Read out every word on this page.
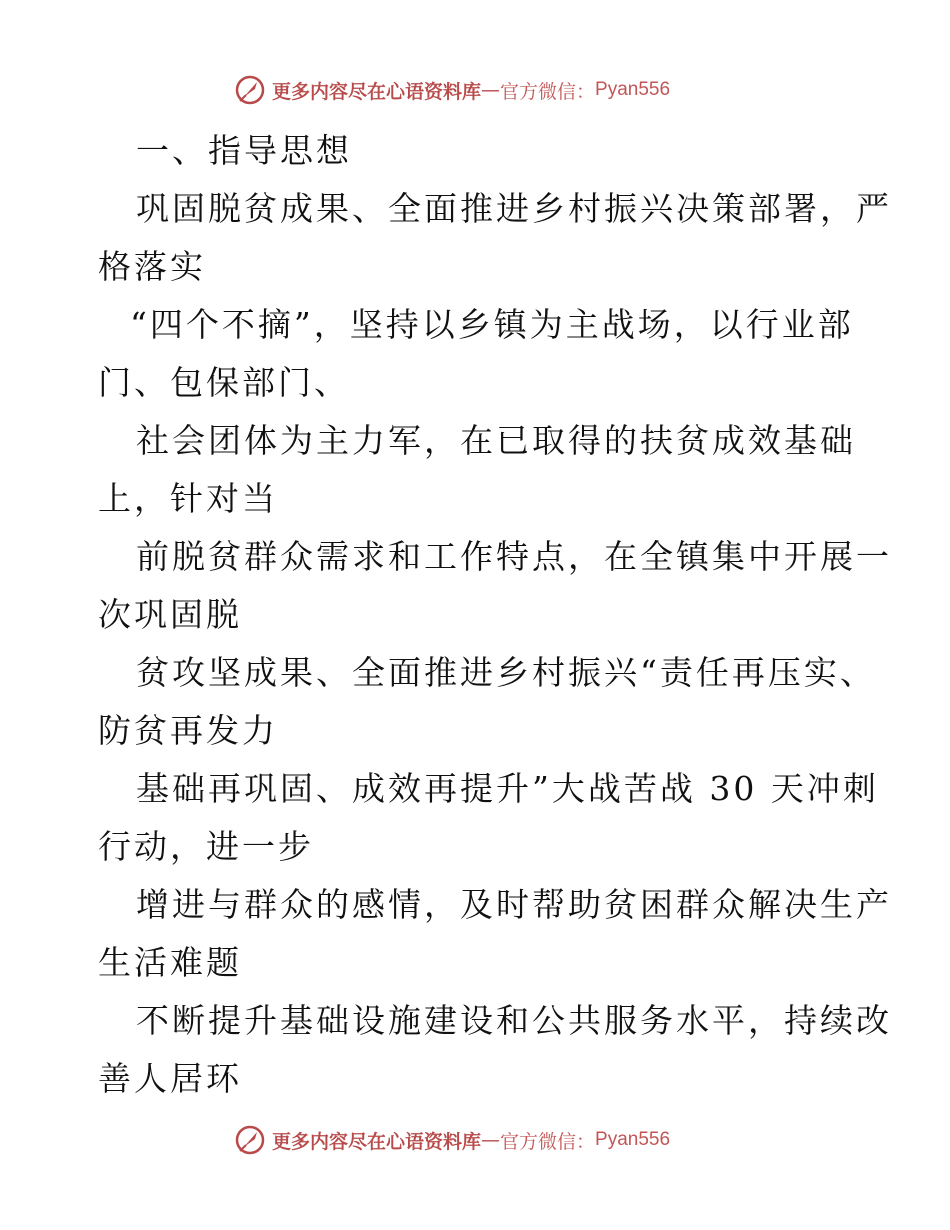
更多内容尽在心语资料库 — 官方微信： Pyan556
一、指导思想
巩固脱贫成果、全面推进乡村振兴决策部署，严
格落实
“四个不摘”，坚持以乡镇为主战场，以行业部
门、包保部门、
社会团体为主力军，在已取得的扶贫成效基础
上，针对当
前脱贫群众需求和工作特点，在全镇集中开展一
次巩固脱
贫攻坚成果、全面推进乡村振兴“责任再压实、
防贫再发力
基础再巩固、成效再提升”大战苦战 30 天冲刺
行动，进一步
增进与群众的感情，及时帮助贫困群众解决生产
生活难题
不断提升基础设施建设和公共服务水平，持续改
善人居环
更多内容尽在心语资料库 — 官方微信： Pyan556
